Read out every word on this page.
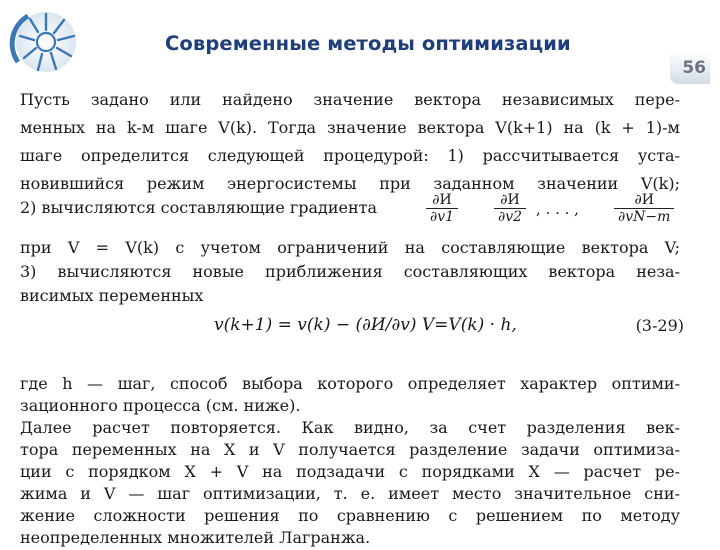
Современные методы оптимизации
56
Пусть задано или найдено значение вектора независимых пере-
менных на k-м шаге V(k). Тогда значение вектора V(k+1) на (k + 1)-м
шаге определится следующей процедурой: 1) рассчитывается уста-
новившийся режим энергосистемы при заданном значении V(k);
2) вычисляются составляющие градиента
при V = V(k) с учетом ограничений на составляющие вектора V;
3) вычисляются новые приближения составляющих вектора неза-
висимых переменных
где h — шаг, способ выбора которого определяет характер оптими-
зационного процесса (см. ниже).
Далее расчет повторяется. Как видно, за счет разделения век-
тора переменных на X и V получается разделение задачи оптимиза-
ции с порядком X + V на подзадачи с порядками X — расчет ре-
жима и V — шаг оптимизации, т. е. имеет место значительное сни-
жение сложности решения по сравнению с решением по методу
неопределенных множителей Лагранжа.
∂И
∂v1
∂И
∂v2 , . . . ,	∂И
∂vN−m
v(k+1) = v(k) − (∂И/∂v) V=V(k) · h,	(3-29)
